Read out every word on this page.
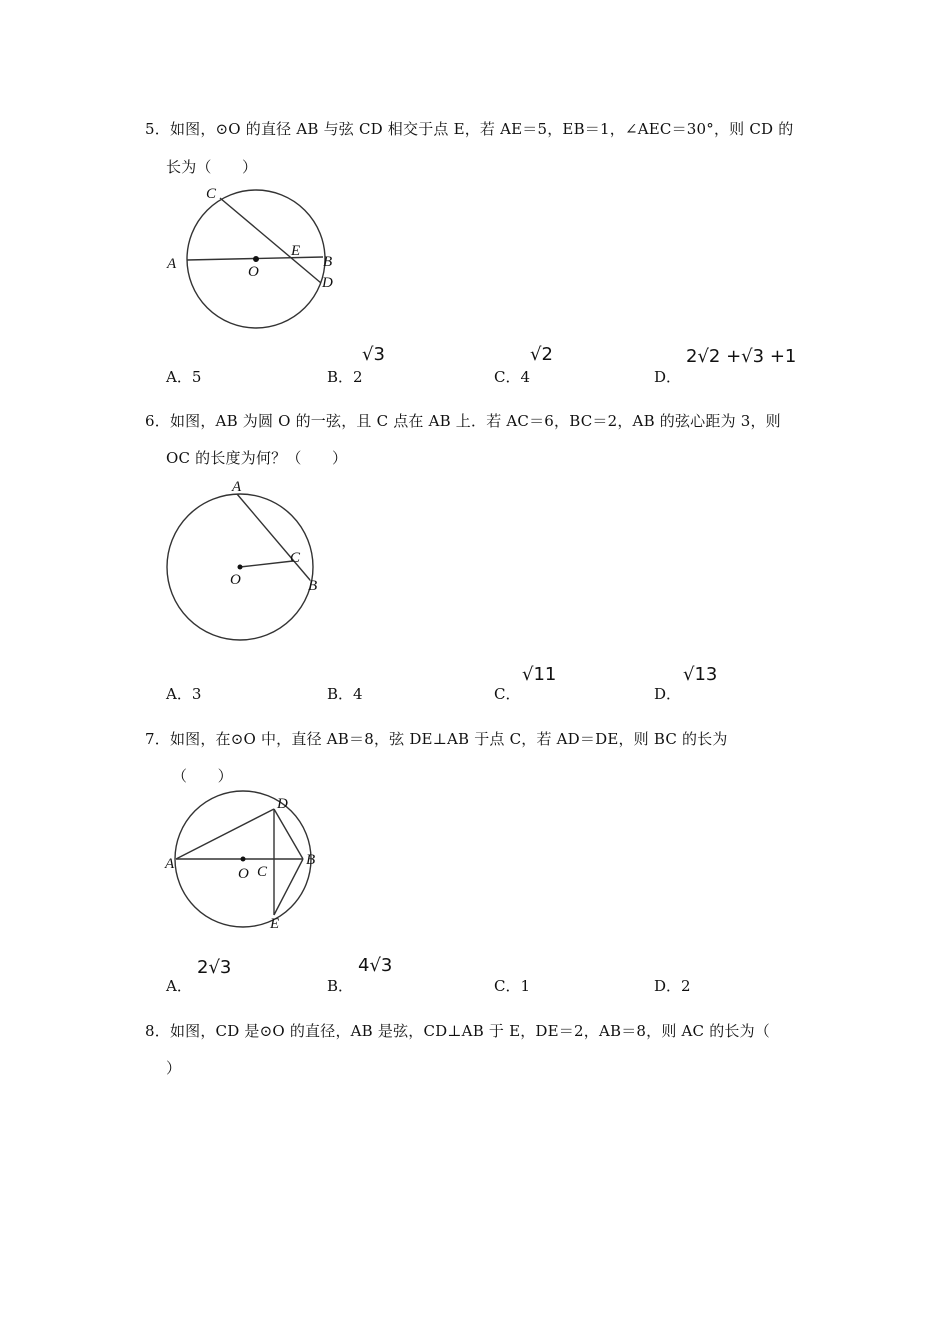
5．如图，⊙O 的直径 AB 与弦 CD 相交于点 E，若 AE＝5，EB＝1，∠AEC＝30°，则 CD 的
长为（　　）
A	O
B
C
D
E
A．5	B．2
√3
C．4
√2
D．
2√2 +√3 +1
6．如图，AB 为圆 O 的一弦，且 C 点在 AB 上．若 AC＝6，BC＝2，AB 的弦心距为 3，则
OC 的长度为何？（　　）
A
O
C
B
A．3	B．4	C．
√11
D．
√13
7．如图，在⊙O 中，直径 AB＝8，弦 DE⊥AB 于点 C，若 AD＝DE，则 BC 的长为
（　　）
A
O C
B
D
E
A．
2√3
B．
4√3
C．1	D．2
8．如图，CD 是⊙O 的直径，AB 是弦，CD⊥AB 于 E，DE＝2，AB＝8，则 AC 的长为（
）
